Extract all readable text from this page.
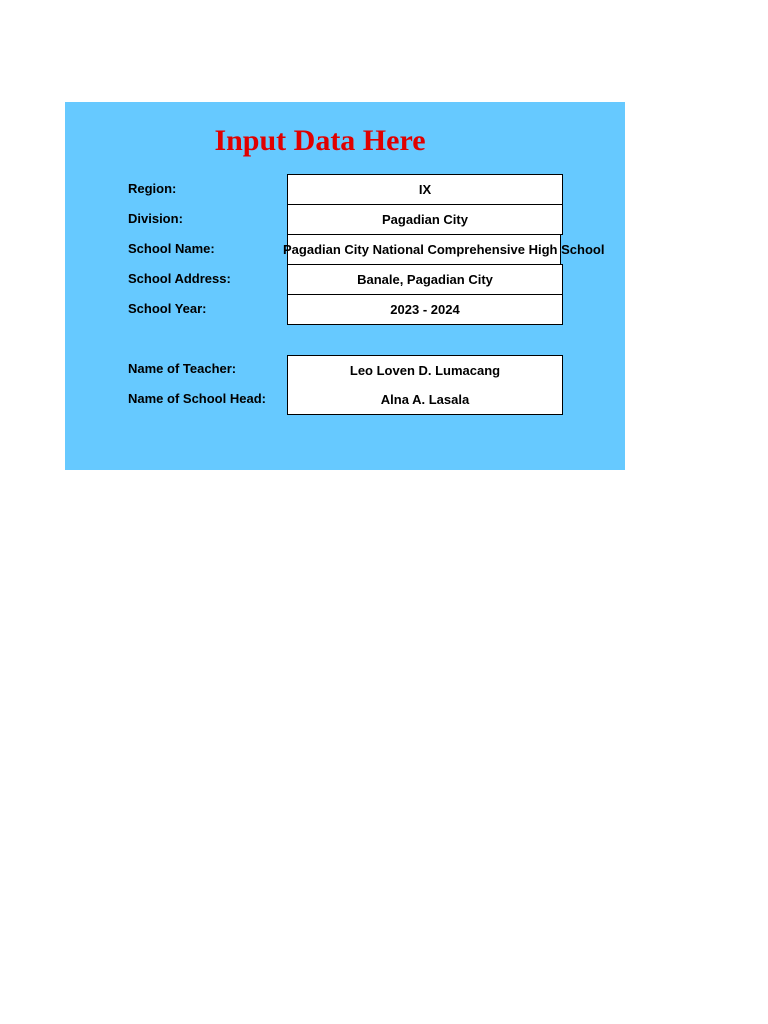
Input Data Here
Region:	IX
Division:	Pagadian City
School Name:	Pagadian City National Comprehensive High School
School Address:	Banale, Pagadian City
School Year:	2023 - 2024
Name of Teacher:	Leo Loven D. Lumacang
Name of School Head:	Alna A. Lasala
